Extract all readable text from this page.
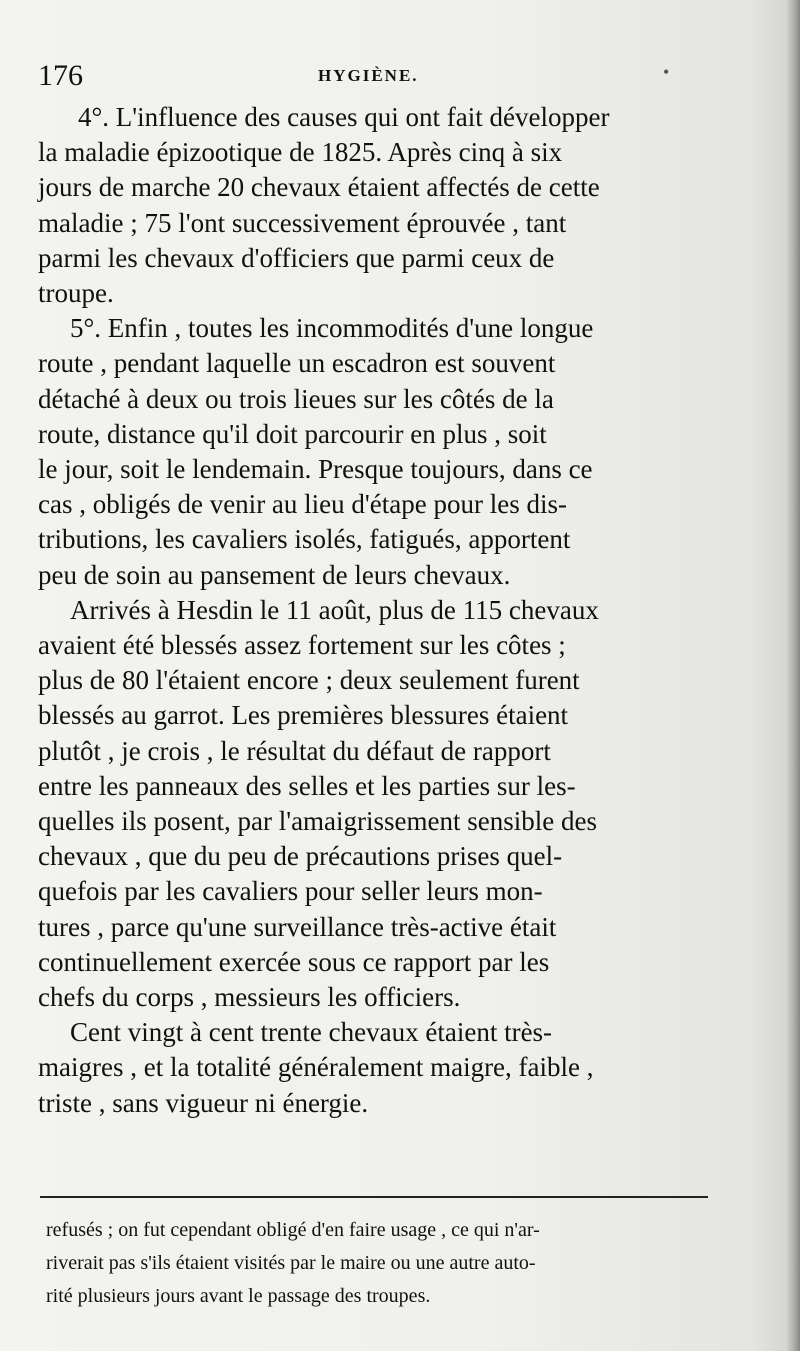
176	HYGIÈNE.	•

4°. L'influence des causes qui ont fait développer
la maladie épizootique de 1825. Après cinq à six
jours de marche 20 chevaux étaient affectés de cette
maladie ; 75 l'ont successivement éprouvée , tant
parmi les chevaux d'officiers que parmi ceux de
troupe.

5°. Enfin , toutes les incommodités d'une longue
route , pendant laquelle un escadron est souvent
détaché à deux ou trois lieues sur les côtés de la
route, distance qu'il doit parcourir en plus , soit
le jour, soit le lendemain. Presque toujours, dans ce
cas , obligés de venir au lieu d'étape pour les dis-
tributions, les cavaliers isolés, fatigués, apportent
peu de soin au pansement de leurs chevaux.

Arrivés à Hesdin le 11 août, plus de 115 chevaux
avaient été blessés assez fortement sur les côtes ;
plus de 80 l'étaient encore ; deux seulement furent
blessés au garrot. Les premières blessures étaient
plutôt , je crois , le résultat du défaut de rapport
entre les panneaux des selles et les parties sur les-
quelles ils posent, par l'amaigrissement sensible des
chevaux , que du peu de précautions prises quel-
quefois par les cavaliers pour seller leurs mon-
tures , parce qu'une surveillance très-active était
continuellement exercée sous ce rapport par les
chefs du corps , messieurs les officiers.

Cent vingt à cent trente chevaux étaient très-
maigres , et la totalité généralement maigre, faible ,
triste , sans vigueur ni énergie.

refusés ; on fut cependant obligé d'en faire usage , ce qui n'ar-
riverait pas s'ils étaient visités par le maire ou une autre auto-
rité plusieurs jours avant le passage des troupes.
